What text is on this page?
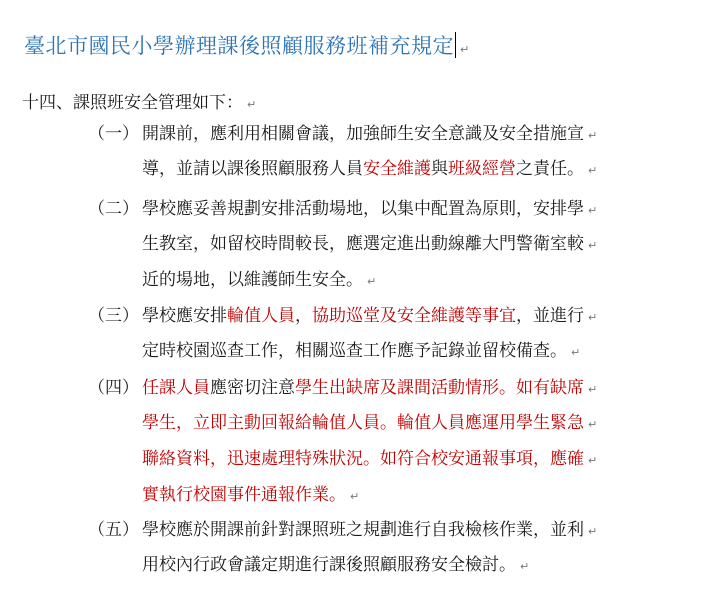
臺北市國民小學辦理課後照顧服務班補充規定 ↵
十四、課照班安全管理如下： ↵
（一） 開課前，應利用相關會議，加強師生安全意識及安全措施宣 ↵
導，並請以課後照顧服務人員安全維護與班級經營之責任。 ↵
（二） 學校應妥善規劃安排活動場地，以集中配置為原則，安排學 ↵
生教室，如留校時間較長，應選定進出動線離大門警衛室較 ↵
近的場地，以維護師生安全。 ↵
（三） 學校應安排輪值人員，協助巡堂及安全維護等事宜，並進行 ↵
定時校園巡查工作，相關巡查工作應予記錄並留校備查。 ↵
（四） 任課人員應密切注意學生出缺席及課間活動情形。如有缺席 ↵
學生，立即主動回報給輪值人員。輪值人員應運用學生緊急 ↵
聯絡資料，迅速處理特殊狀況。如符合校安通報事項，應確 ↵
實執行校園事件通報作業。 ↵
（五） 學校應於開課前針對課照班之規劃進行自我檢核作業，並利 ↵
用校內行政會議定期進行課後照顧服務安全檢討。 ↵
